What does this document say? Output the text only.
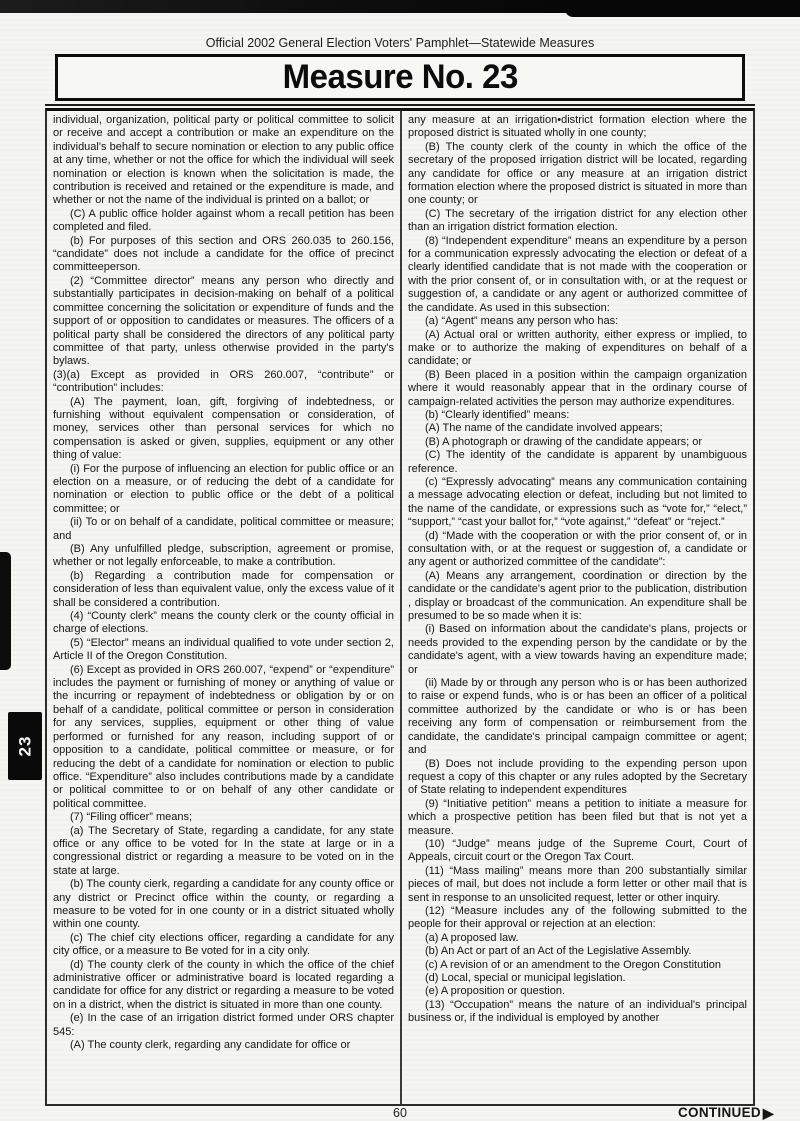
23
Official 2002 General Election Voters' Pamphlet—Statewide Measures
Measure No. 23

individual, organization, political party or political committee to solicit or receive and accept a contribution or make an expenditure on the individual's behalf to secure nomination or election to any public office at any time, whether or not the office for which the individual will seek nomination or election is known when the solicitation is made, the contribution is received and retained or the expenditure is made, and whether or not the name of the individual is printed on a ballot; or

(C) A public office holder against whom a recall petition has been completed and filed.

(b) For purposes of this section and ORS 260.035 to 260.156, “candidate” does not include a candidate for the office of precinct committeeperson.

(2) “Committee director” means any person who directly and substantially participates in decision-making on behalf of a political committee concerning the solicitation or expenditure of funds and the support of or opposition to candidates or measures. The officers of a political party shall be considered the directors of any political party committee of that party, unless otherwise provided in the party's bylaws.

(3)(a) Except as provided in ORS 260.007, “contribute” or “contribution” includes:

(A) The payment, loan, gift, forgiving of indebtedness, or furnishing without equivalent compensation or consideration, of money, services other than personal services for which no compensation is asked or given, supplies, equipment or any other thing of value:

(i) For the purpose of influencing an election for public office or an election on a measure, or of reducing the debt of a candidate for nomination or election to public office or the debt of a political committee; or

(ii) To or on behalf of a candidate, political committee or measure; and

(B) Any unfulfilled pledge, subscription, agreement or promise, whether or not legally enforceable, to make a contribution.

(b) Regarding a contribution made for compensation or consideration of less than equivalent value, only the excess value of it shall be considered a contribution.

(4) “County clerk” means the county clerk or the county official in charge of elections.

(5) “Elector” means an individual qualified to vote under section 2, Article II of the Oregon Constitution.

(6) Except as provided in ORS 260.007, “expend” or “expenditure” includes the payment or furnishing of money or anything of value or the incurring or repayment of indebtedness or obligation by or on behalf of a candidate, political committee or person in consideration for any services, supplies, equipment or other thing of value performed or furnished for any reason, including support of or opposition to a candidate, political committee or measure, or for reducing the debt of a candidate for nomination or election to public office. “Expenditure” also includes contributions made by a candidate or political committee to or on behalf of any other candidate or political committee.

(7) “Filing officer” means;

(a) The Secretary of State, regarding a candidate, for any state office or any office to be voted for In the state at large or in a congressional district or regarding a measure to be voted on in the state at large.

(b) The county cierk, regarding a candidate for any county office or any district or Precinct office within the county, or regarding a measure to be voted for in one county or in a district situated wholly within one county.

(c) The chief city elections officer, regarding a candidate for any city office, or a measure to Be voted for in a city only.

(d) The county clerk of the county in which the office of the chief administrative officer or administrative board is located regarding a candidate for office for any district or regarding a measure to be voted on in a district, when the district is situated in more than one county.

(e) In the case of an irrigation district formed under ORS chapter 545:

(A) The county clerk, regarding any candidate for office or

any measure at an irrigation•district formation election where the proposed district is situated wholly in one county;

(B) The county clerk of the county in which the office of the secretary of the proposed irrigation district will be located, regarding any candidate for office or any measure at an irrigation district formation election where the proposed district is situated in more than one county; or

(C) The secretary of the irrigation district for any election other than an irrigation district formation election.

(8) “Independent expenditure” means an expenditure by a person for a communication expressly advocating the election or defeat of a clearly identified candidate that is not made with the cooperation or with the prior consent of, or in consultation with, or at the request or suggestion of, a candidate or any agent or authorized committee of the candidate. As used in this subsection:

(a) “Agent” means any person who has:

(A) Actual oral or written authority, either express or implied, to make or to authorize the making of expenditures on behalf of a candidate; or

(B) Been placed in a position within the campaign organization where it would reasonably appear that in the ordinary course of campaign-related activities the person may authorize expenditures.

(b) “Clearly identified” means:

(A) The name of the candidate involved appears;

(B) A photograph or drawing of the candidate appears; or

(C) The identity of the candidate is apparent by unambiguous reference.

(c) “Expressly advocating” means any communication containing a message advocating election or defeat, including but not limited to the name of the candidate, or expressions such as “vote for,” “elect,” “support,” “cast your ballot for,” “vote against,” “defeat” or “reject.”

(d) “Made with the cooperation or with the prior consent of, or in consultation with, or at the request or suggestion of, a candidate or any agent or authorized committee of the candidate”:

(A) Means any arrangement, coordination or direction by the candidate or the candidate's agent prior to the publication, distribution , display or broadcast of the communication. An expenditure shall be presumed to be so made when it is:

(i) Based on information about the candidate's plans, projects or needs provided to the expending person by the candidate or by the candidate's agent, with a view towards having an expenditure made; or

(ii) Made by or through any person who is or has been authorized to raise or expend funds, who is or has been an officer of a political committee authorized by the candidate or who is or has been receiving any form of compensation or reimbursement from the candidate, the candidate's principal campaign committee or agent; and

(B) Does not include providing to the expending person upon request a copy of this chapter or any rules adopted by the Secretary of State relating to independent expenditures

(9) “Initiative petition” means a petition to initiate a measure for which a prospective petition has been filed but that is not yet a measure.

(10) “Judge” means judge of the Supreme Court, Court of Appeals, circuit court or the Oregon Tax Court.

(11) “Mass mailing” means more than 200 substantially similar pieces of mail, but does not include a form letter or other mail that is sent in response to an unsolicited request, letter or other inquiry.

(12) “Measure includes any of the following submitted to the people for their approval or rejection at an election:

(a) A proposed law.

(b) An Act or part of an Act of the Legislative Assembly.

(c) A revision of or an amendment to the Oregon Constitution

(d) Local, special or municipal legislation.

(e) A proposition or question.

(13) “Occupation” means the nature of an individual's principal business or, if the individual is employed by another

60	CONTINUED ▶
